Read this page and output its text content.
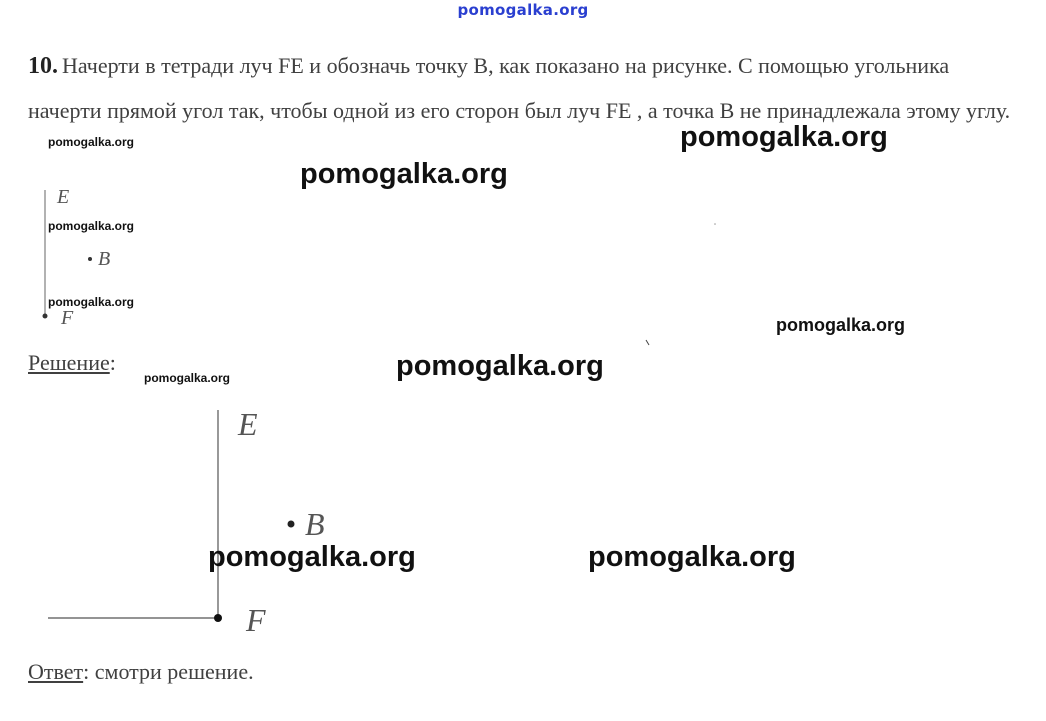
pomogalka.org
10. Начерти в тетради луч FE и обозначь точку B, как показано на рисунке. С помощью угольника начерти прямой угол так, чтобы одной из его сторон был луч FE , а точка B не принадлежала этому углу.
E
B
F
Решение:
E
B
F
Ответ: смотри решение.
pomogalka.org
pomogalka.org
pomogalka.org
pomogalka.org
pomogalka.org
pomogalka.org
pomogalka.org	pomogalka.org
pomogalka.org	pomogalka.org
